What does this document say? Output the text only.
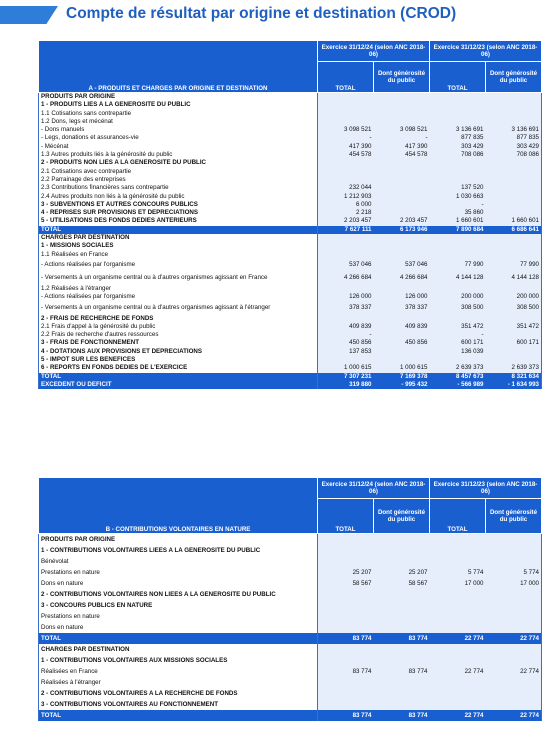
Compte de résultat par origine et destination (CROD)
A - PRODUITS ET CHARGES PAR ORIGINE ET DESTINATION	Exercice 31/12/24 (selon ANC 2018-06)		Exercice 31/12/23 (selon ANC 2018-06)	
	TOTAL	Dont générosité du public	TOTAL	Dont générosité du public

PRODUITS PAR ORIGINE				
1 - PRODUITS LIES A LA GENEROSITE DU PUBLIC				
1.1 Cotisations sans contrepartie				
1.2 Dons, legs et mécénat				
- Dons manuels	3 098 521	3 098 521	3 136 691	3 136 691
- Legs, donations et assurances-vie	-	-	877 835	877 835
- Mécénat	417 390	417 390	303 429	303 429
1.3 Autres produits liés à la générosité du public	454 578	454 578	708 086	708 086
2 - PRODUITS NON LIES A LA GENEROSITE DU PUBLIC				
2.1 Cotisations avec contrepartie				
2.2 Parrainage des entreprises				
2.3 Contributions financières sans contrepartie	232 044		137 520	
2.4 Autres produits non liés à la générosité du public	1 212 903		1 030 663	
3 - SUBVENTIONS ET AUTRES CONCOURS PUBLICS	6 000		-	
4 - REPRISES SUR PROVISIONS ET DEPRECIATIONS	2 218		35 860	
5 - UTILISATIONS DES FONDS DEDIES ANTERIEURS	2 203 457	2 203 457	1 660 601	1 660 601
TOTAL	7 627 111	6 173 946	7 890 684	6 686 641
CHARGES PAR DESTINATION				
1 - MISSIONS SOCIALES				
1.1 Réalisées en France				
- Actions réalisées par l'organisme	537 046	537 046	77 990	77 990
- Versements à un organisme central ou à d'autres organismes agissant en France	4 266 684	4 266 684	4 144 128	4 144 128
1.2 Réalisées à l'étranger				
- Actions réalisées par l'organisme	126 000	126 000	200 000	200 000
- Versements à un organisme central ou à d'autres organismes agissant à l'étranger	378 337	378 337	308 500	308 500
2 - FRAIS DE RECHERCHE DE FONDS				
2.1 Frais d'appel à la générosité du public	409 839	409 839	351 472	351 472
2.2 Frais de recherche d'autres ressources	-		-	
3 - FRAIS DE FONCTIONNEMENT	450 856	450 856	600 171	600 171
4 - DOTATIONS AUX PROVISIONS ET DEPRECIATIONS	137 853		136 039	
5 - IMPÔT SUR LES BENEFICES				
6 - REPORTS EN FONDS DEDIES DE L'EXERCICE	1 000 615	1 000 615	2 639 373	2 639 373
TOTAL	7 307 231	7 169 378	8 457 673	8 321 634
EXCEDENT OU DEFICIT	319 880	- 995 432	- 566 989	- 1 634 993
B - CONTRIBUTIONS VOLONTAIRES EN NATURE	Exercice 31/12/24 (selon ANC 2018-06)		Exercice 31/12/23 (selon ANC 2018-06)	
	TOTAL	Dont générosité du public	TOTAL	Dont générosité du public

PRODUITS PAR ORIGINE				
1 - CONTRIBUTIONS VOLONTAIRES LIEES A LA GENEROSITE DU PUBLIC				
Bénévolat				
Prestations en nature	25 207	25 207	5 774	5 774
Dons en nature	58 567	58 567	17 000	17 000
2 - CONTRIBUTIONS VOLONTAIRES NON LIEES A LA GENEROSITE DU PUBLIC				
3 - CONCOURS PUBLICS EN NATURE				
Prestations en nature				
Dons en nature				
TOTAL	83 774	83 774	22 774	22 774
CHARGES PAR DESTINATION				
1 - CONTRIBUTIONS VOLONTAIRES AUX MISSIONS SOCIALES				
Réalisées en France	83 774	83 774	22 774	22 774
Réalisées à l'étranger				
2 - CONTRIBUTIONS VOLONTAIRES A LA RECHERCHE DE FONDS				
3 - CONTRIBUTIONS VOLONTAIRES AU FONCTIONNEMENT				
TOTAL	83 774	83 774	22 774	22 774
